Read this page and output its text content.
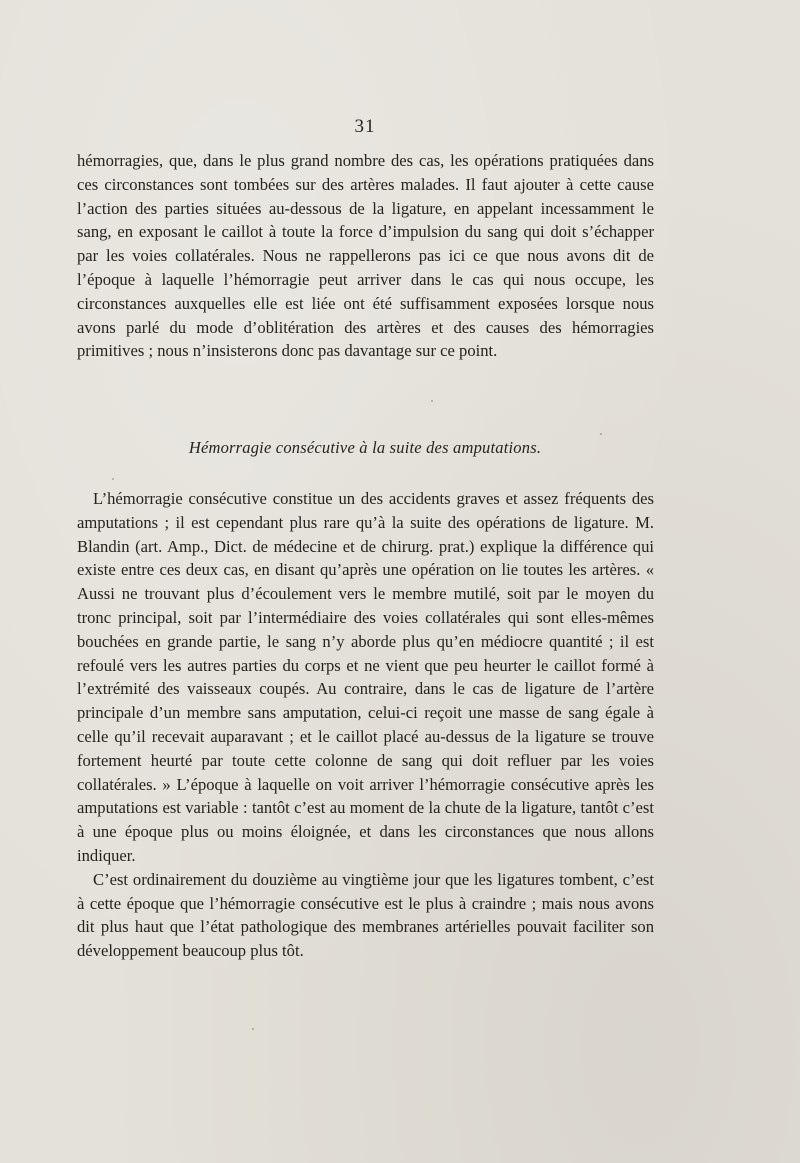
31

hémorragies, que, dans le plus grand nombre des cas, les opérations pratiquées dans ces circonstances sont tombées sur des artères malades. Il faut ajouter à cette cause l’action des parties situées au-dessous de la ligature, en appelant incessamment le sang, en exposant le caillot à toute la force d’impulsion du sang qui doit s’échapper par les voies collatérales. Nous ne rappellerons pas ici ce que nous avons dit de l’époque à laquelle l’hémorragie peut arriver dans le cas qui nous occupe, les circonstances auxquelles elle est liée ont été suffisamment exposées lorsque nous avons parlé du mode d’oblitération des artères et des causes des hémorragies primitives ; nous n’insisterons donc pas davantage sur ce point.

Hémorragie consécutive à la suite des amputations.

L’hémorragie consécutive constitue un des accidents graves et assez fréquents des amputations ; il est cependant plus rare qu’à la suite des opérations de ligature. M. Blandin (art. Amp., Dict. de médecine et de chirurg. prat.) explique la différence qui existe entre ces deux cas, en disant qu’après une opération on lie toutes les artères. « Aussi ne trouvant plus d’écoulement vers le membre mutilé, soit par le moyen du tronc principal, soit par l’intermédiaire des voies collatérales qui sont elles-mêmes bouchées en grande partie, le sang n’y aborde plus qu’en médiocre quantité ; il est refoulé vers les autres parties du corps et ne vient que peu heurter le caillot formé à l’extrémité des vaisseaux coupés. Au contraire, dans le cas de ligature de l’artère principale d’un membre sans amputation, celui-ci reçoit une masse de sang égale à celle qu’il recevait auparavant ; et le caillot placé au-dessus de la ligature se trouve fortement heurté par toute cette colonne de sang qui doit refluer par les voies collatérales. » L’époque à laquelle on voit arriver l’hémorragie consécutive après les amputations est variable : tantôt c’est au moment de la chute de la ligature, tantôt c’est à une époque plus ou moins éloignée, et dans les circonstances que nous allons indiquer.

C’est ordinairement du douzième au vingtième jour que les ligatures tombent, c’est à cette époque que l’hémorragie consécutive est le plus à craindre ; mais nous avons dit plus haut que l’état pathologique des membranes artérielles pouvait faciliter son développement beaucoup plus tôt.
